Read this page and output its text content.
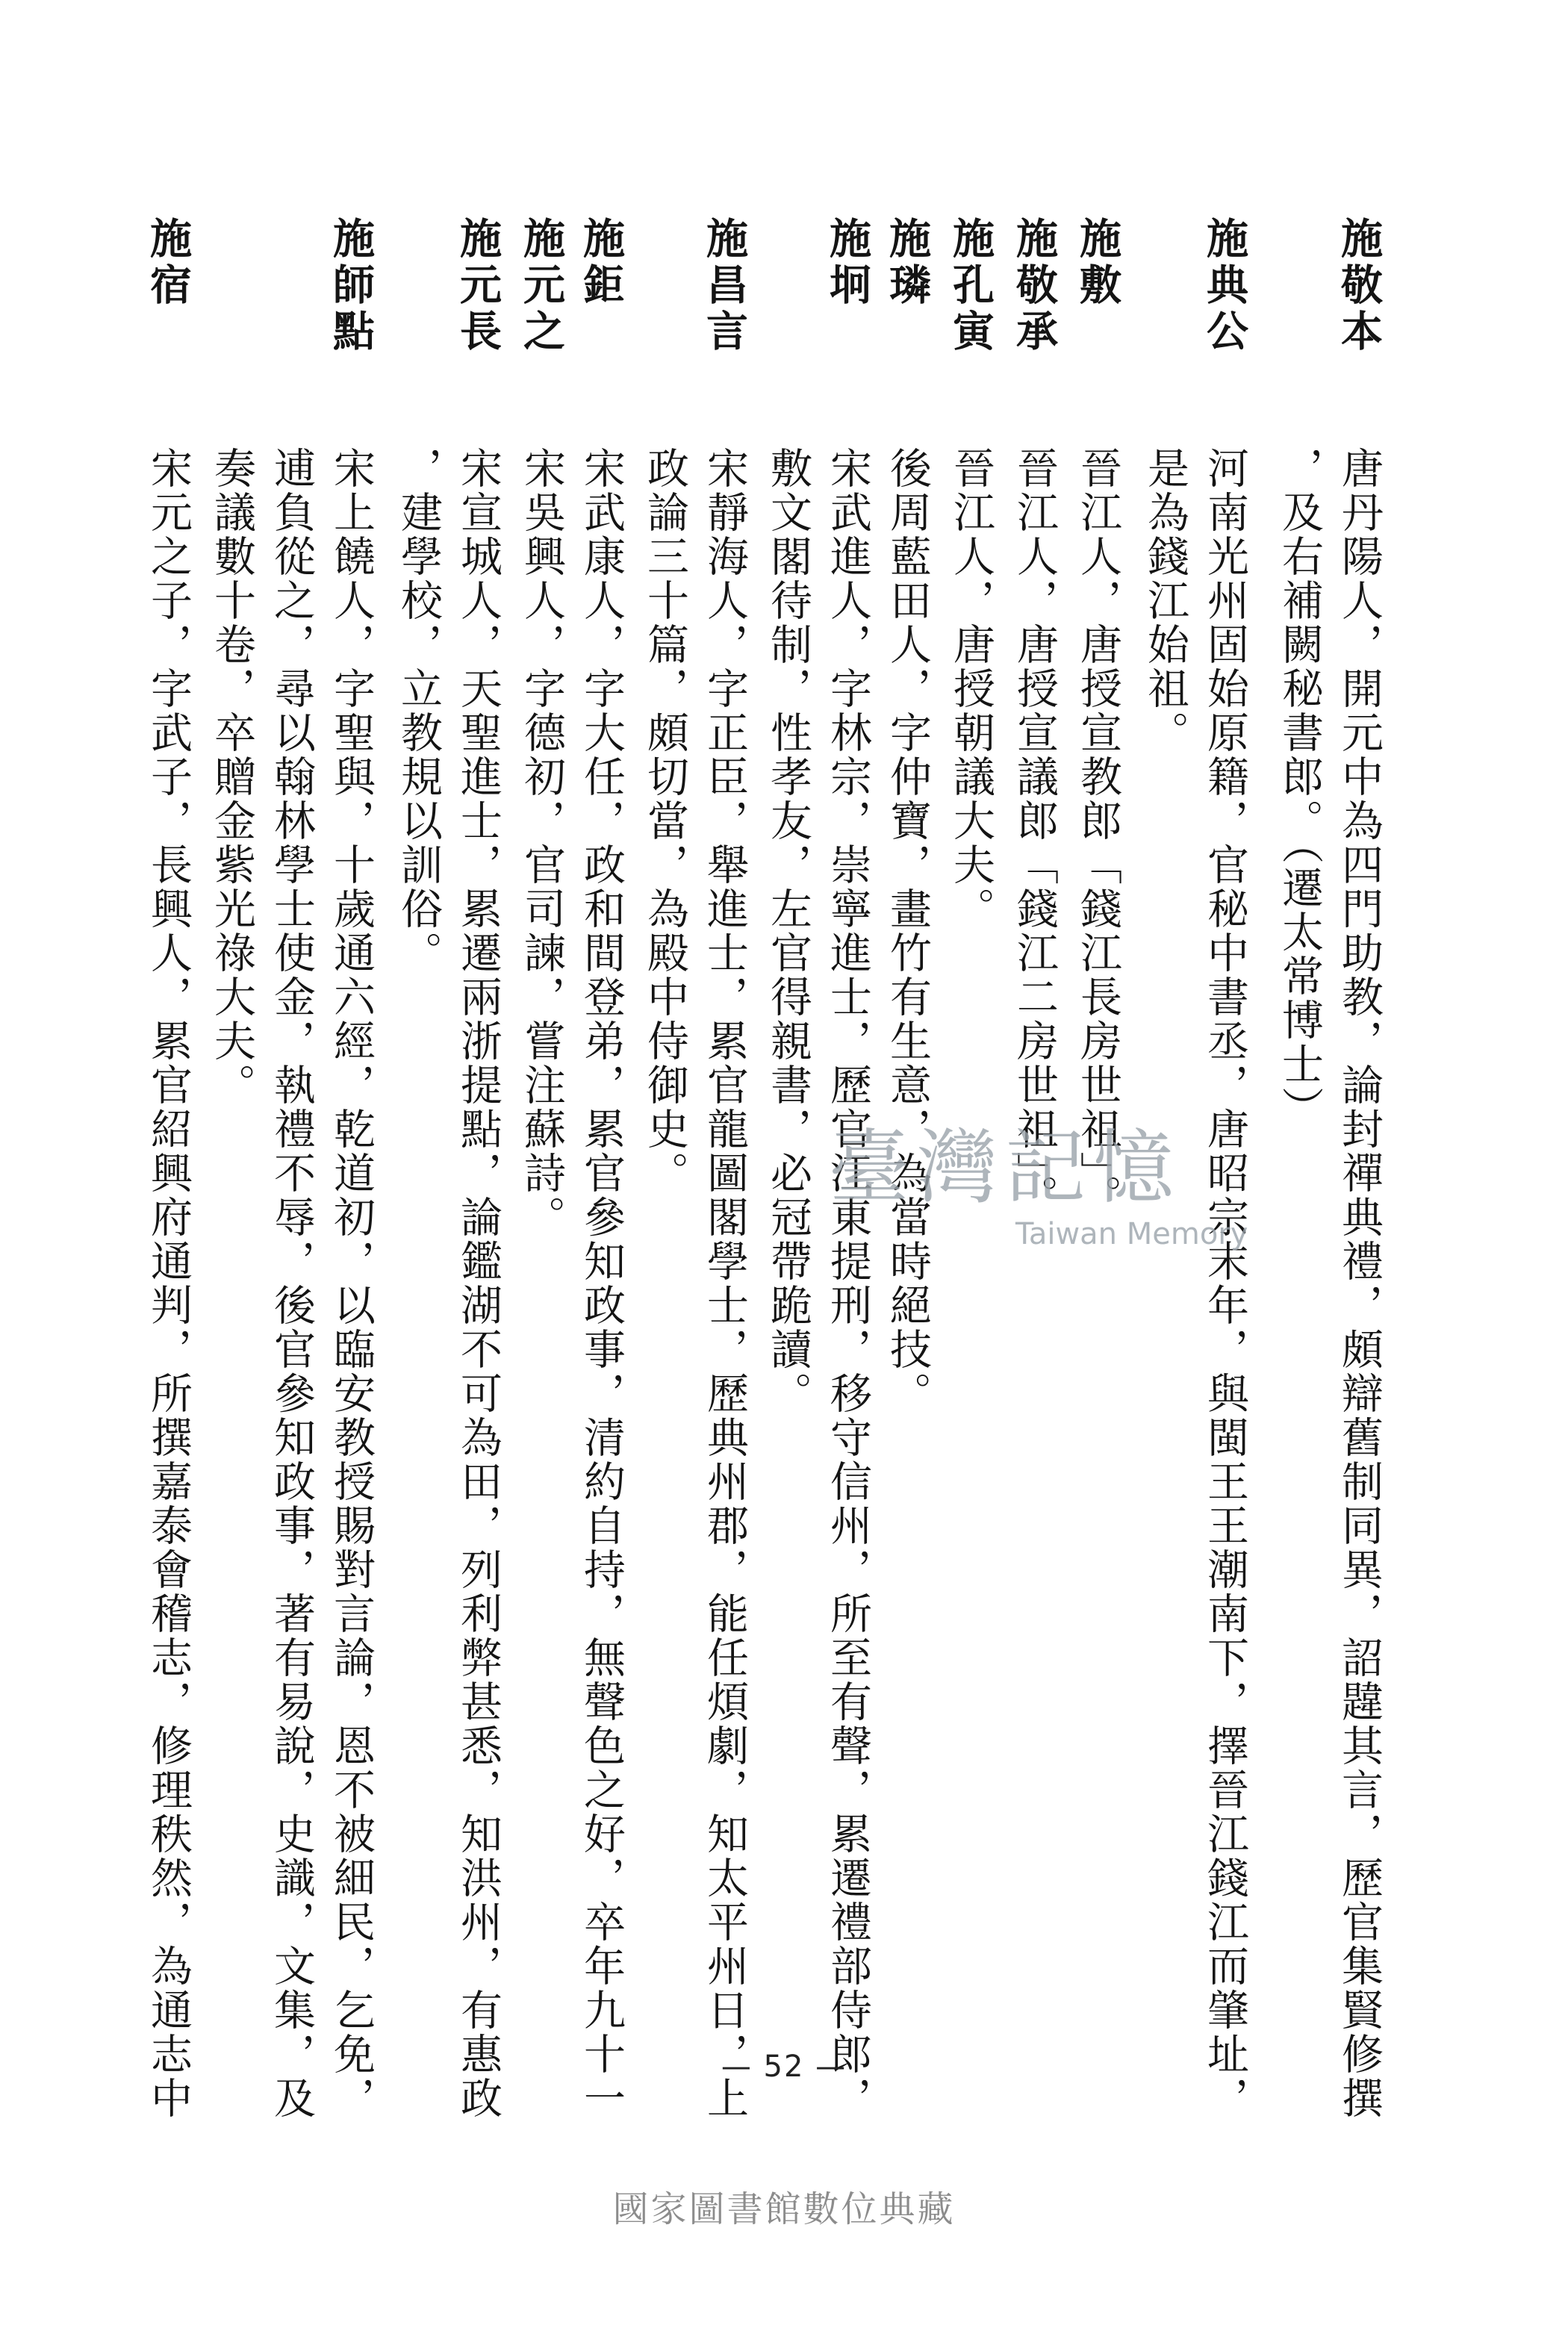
施敬本
唐丹陽人，開元中為四門助教，論封禪典禮，頗辯舊制同異，詔韙其言，歷官集賢修撰
，及右補闕秘書郎。（遷太常博士）
施典公
河南光州固始原籍，官秘中書丞，唐昭宗末年，與閩王王潮南下，擇晉江錢江而肇址，
是為錢江始祖。
施敷
晉江人，唐授宣教郎「錢江長房世祖」。
施敬承
晉江人，唐授宣議郎「錢江二房世祖」。
施孔寅
晉江人，唐授朝議大夫。
施璘
後周藍田人，字仲寶，畫竹有生意，為當時絕技。
施坰
宋武進人，字林宗，崇寧進士，歷官江東提刑，移守信州，所至有聲，累遷禮部侍郎，
敷文閣待制，性孝友，左官得親書，必冠帶跪讀。
施昌言
宋靜海人，字正臣，舉進士，累官龍圖閣學士，歷典州郡，能任煩劇，知太平州日，上
政論三十篇，頗切當，為殿中侍御史。
施鉅
宋武康人，字大任，政和間登弟，累官參知政事，清約自持，無聲色之好，卒年九十一
施元之
宋吳興人，字德初，官司諫，嘗注蘇詩。
施元長
宋宣城人，天聖進士，累遷兩浙提點，論鑑湖不可為田，列利弊甚悉，知洪州，有惠政
，建學校，立教規以訓俗。
施師點
宋上饒人，字聖與，十歲通六經，乾道初，以臨安教授賜對言論，恩不被細民，乞免，
逋負從之，尋以翰林學士使金，執禮不辱，後官參知政事，著有易說，史識，文集，及
奏議數十卷，卒贈金紫光祿大夫。
施宿
宋元之子，字武子，長興人，累官紹興府通判，所撰嘉泰會稽志，修理秩然，為通志中	臺灣記憶
Taiwan Memory
— 52 —
國家圖書館數位典藏
